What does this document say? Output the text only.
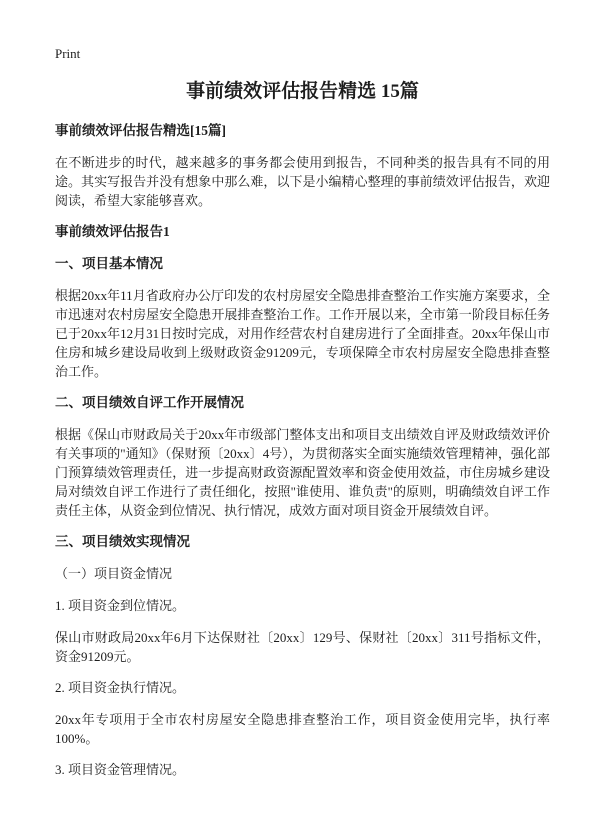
Print
事前绩效评估报告精选 15篇
事前绩效评估报告精选[15篇]

在不断进步的时代，越来越多的事务都会使用到报告，不同种类的报告具有不同的用途。其实写报告并没有想象中那么难，以下是小编精心整理的事前绩效评估报告，欢迎阅读，希望大家能够喜欢。

事前绩效评估报告1
一、项目基本情况

根据20xx年11月省政府办公厅印发的农村房屋安全隐患排查整治工作实施方案要求，全市迅速对农村房屋安全隐患开展排查整治工作。工作开展以来，全市第一阶段目标任务已于20xx年12月31日按时完成，对用作经营农村自建房进行了全面排查。20xx年保山市住房和城乡建设局收到上级财政资金91209元，专项保障全市农村房屋安全隐患排查整治工作。

二、项目绩效自评工作开展情况

根据《保山市财政局关于20xx年市级部门整体支出和项目支出绩效自评及财政绩效评价有关事项的"通知》（保财预〔20xx〕4号），为贯彻落实全面实施绩效管理精神，强化部门预算绩效管理责任，进一步提高财政资源配置效率和资金使用效益，市住房城乡建设局对绩效自评工作进行了责任细化，按照"谁使用、谁负责"的原则，明确绩效自评工作责任主体，从资金到位情况、执行情况，成效方面对项目资金开展绩效自评。

三、项目绩效实现情况
（一）项目资金情况
1. 项目资金到位情况。

保山市财政局20xx年6月下达保财社〔20xx〕129号、保财社〔20xx〕311号指标文件，资金91209元。

2. 项目资金执行情况。

20xx年专项用于全市农村房屋安全隐患排查整治工作，项目资金使用完毕，执行率100%。

3. 项目资金管理情况。
